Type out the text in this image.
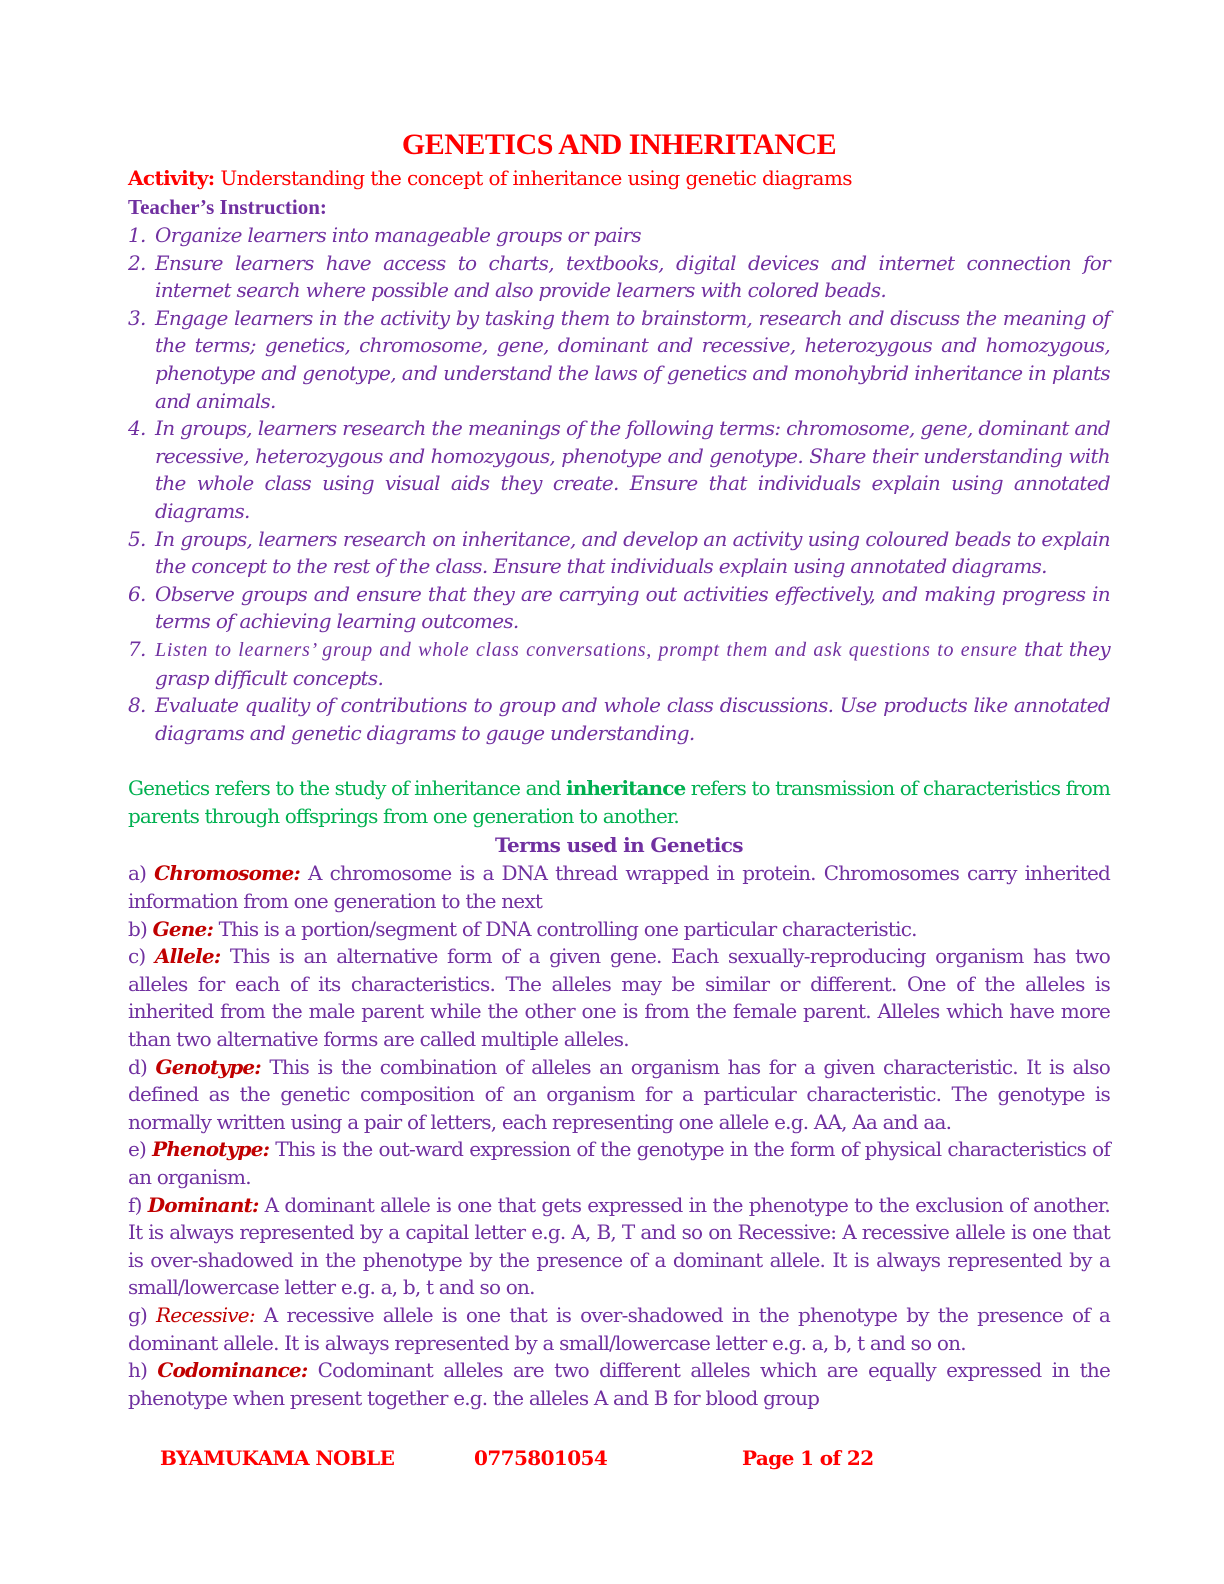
GENETICS AND INHERITANCE
Activity: Understanding the concept of inheritance using genetic diagrams
Teacher’s Instruction:
1. Organize learners into manageable groups or pairs
2. Ensure learners have access to charts, textbooks, digital devices and internet connection for internet search where possible and also provide learners with colored beads.
3. Engage learners in the activity by tasking them to brainstorm, research and discuss the meaning of the terms; genetics, chromosome, gene, dominant and recessive, heterozygous and homozygous, phenotype and genotype, and understand the laws of genetics and monohybrid inheritance in plants and animals.
4. In groups, learners research the meanings of the following terms: chromosome, gene, dominant and recessive, heterozygous and homozygous, phenotype and genotype. Share their understanding with the whole class using visual aids they create. Ensure that individuals explain using annotated diagrams.
5. In groups, learners research on inheritance, and develop an activity using coloured beads to explain the concept to the rest of the class. Ensure that individuals explain using annotated diagrams.
6. Observe groups and ensure that they are carrying out activities effectively, and making progress in terms of achieving learning outcomes.
7. Listen to learners’ group and whole class conversations, prompt them and ask questions to ensure that they grasp difficult concepts.
8. Evaluate quality of contributions to group and whole class discussions. Use products like annotated diagrams and genetic diagrams to gauge understanding.
Genetics refers to the study of inheritance and inheritance refers to transmission of characteristics from parents through offsprings from one generation to another.
Terms used in Genetics
a) Chromosome: A chromosome is a DNA thread wrapped in protein. Chromosomes carry inherited information from one generation to the next
b) Gene: This is a portion/segment of DNA controlling one particular characteristic.
c) Allele: This is an alternative form of a given gene. Each sexually-reproducing organism has two alleles for each of its characteristics. The alleles may be similar or different. One of the alleles is inherited from the male parent while the other one is from the female parent. Alleles which have more than two alternative forms are called multiple alleles.
d) Genotype: This is the combination of alleles an organism has for a given characteristic. It is also defined as the genetic composition of an organism for a particular characteristic. The genotype is normally written using a pair of letters, each representing one allele e.g. AA, Aa and aa.
e) Phenotype: This is the out-ward expression of the genotype in the form of physical characteristics of an organism.
f) Dominant: A dominant allele is one that gets expressed in the phenotype to the exclusion of another. It is always represented by a capital letter e.g. A, B, T and so on Recessive: A recessive allele is one that is over-shadowed in the phenotype by the presence of a dominant allele. It is always represented by a small/lowercase letter e.g. a, b, t and so on.
g) Recessive: A recessive allele is one that is over-shadowed in the phenotype by the presence of a dominant allele. It is always represented by a small/lowercase letter e.g. a, b, t and so on.
h) Codominance: Codominant alleles are two different alleles which are equally expressed in the phenotype when present together e.g. the alleles A and B for blood group
BYAMUKAMA NOBLE	0775801054	Page 1 of 22
